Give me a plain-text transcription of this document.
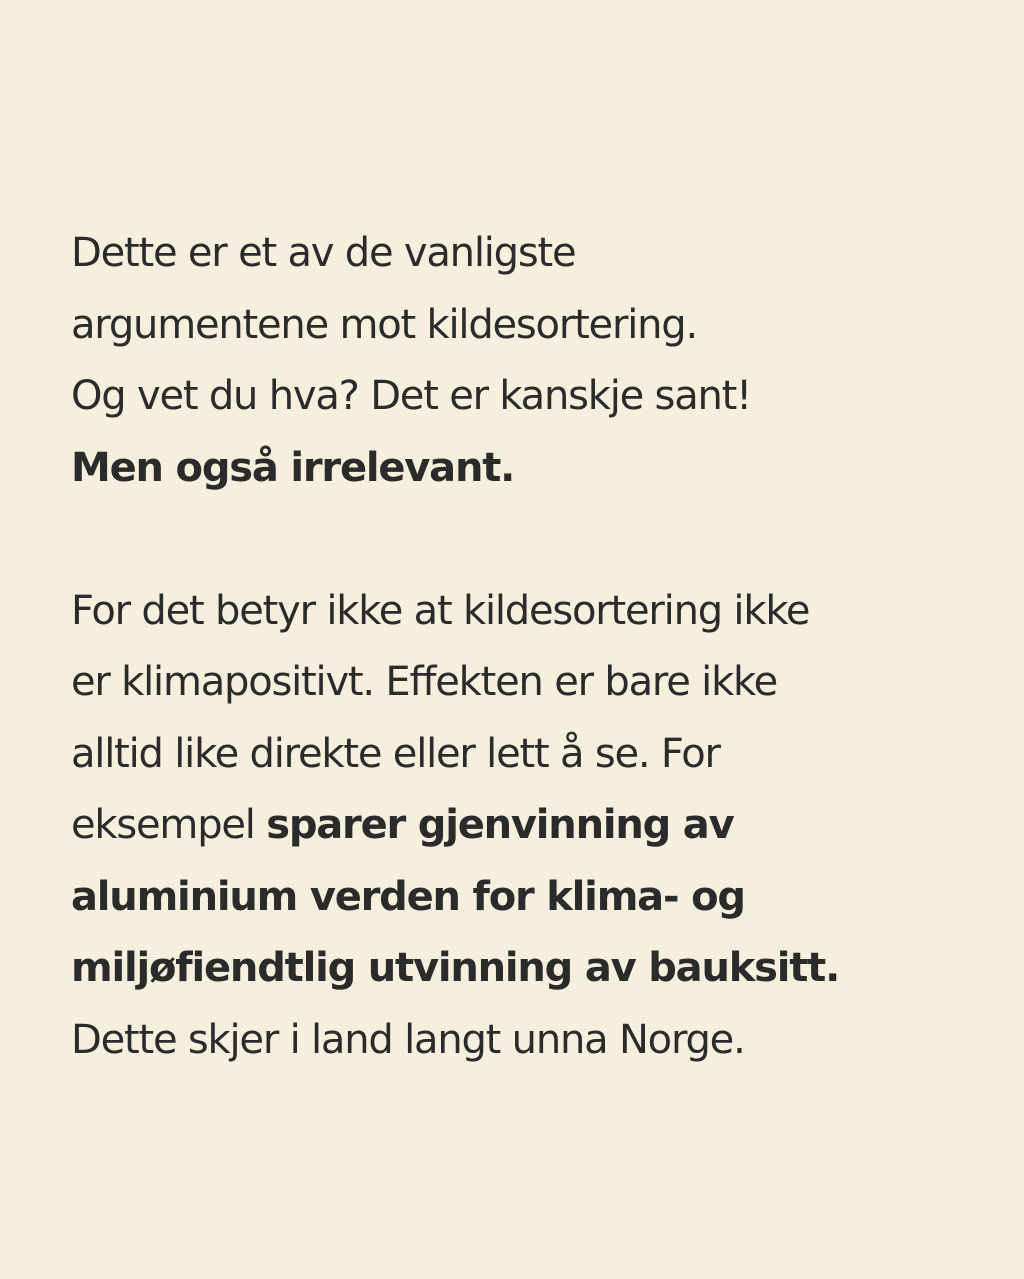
Dette er et av de vanligste
argumentene mot kildesortering.
Og vet du hva? Det er kanskje sant!
Men også irrelevant.

For det betyr ikke at kildesortering ikke
er klimapositivt. Effekten er bare ikke
alltid like direkte eller lett å se. For
eksempel sparer gjenvinning av
aluminium verden for klima- og
miljøfiendtlig utvinning av bauksitt.
Dette skjer i land langt unna Norge.
